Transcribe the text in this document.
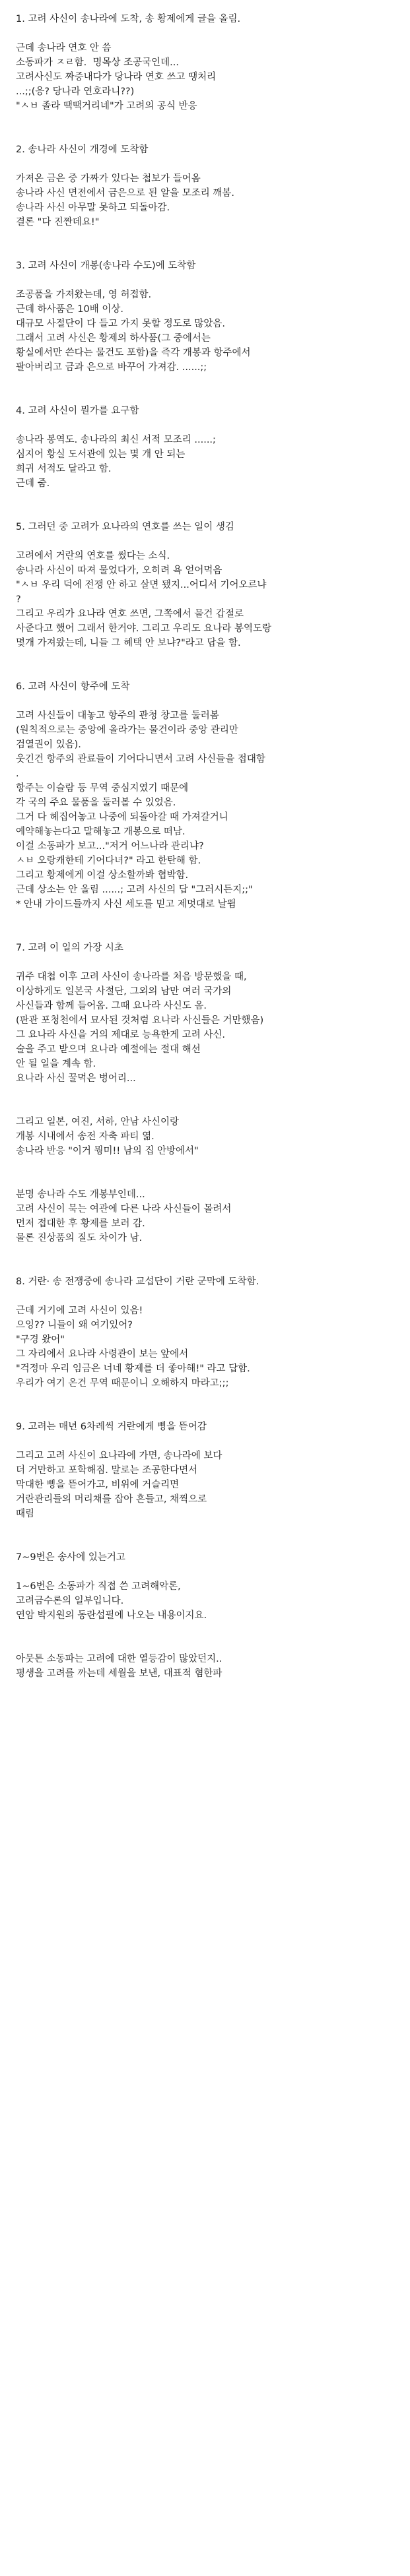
1. 고려 사신이 송나라에 도착, 송 황제에게 글을 올림.
근데 송나라 연호 안 씀
소동파가 ㅈㄹ함.  명목상 조공국인데...
고려사신도 짜증내다가 당나라 연호 쓰고 땡처리
...;;(응? 당나라 연호라니??)
"ㅅㅂ 졸라 땍땍거리네"가 고려의 공식 반응
2. 송나라 사신이 개경에 도착함
가져온 금은 중 가짜가 있다는 첩보가 들어옴
송나라 사신 면전에서 금은으로 된 알을 모조리 깨봄.
송나라 사신 아무말 못하고 되돌아감.
결론 "다 진짠데요!"
3. 고려 사신이 개봉(송나라 수도)에 도착함
조공품을 가져왔는데, 영 허접함.
근데 하사품은 10배 이상.
대규모 사절단이 다 들고 가지 못할 정도로 많았음.
그래서 고려 사신은 황제의 하사품(그 중에서는
황실에서만 쓴다는 물건도 포함)을 즉각 개봉과 항주에서
팔아버리고 금과 은으로 바꾸어 가져감. ......;;
4. 고려 사신이 뭔가를 요구함
송나라 봉역도. 송나라의 최신 서적 모조리 ......;
심지어 황실 도서관에 있는 몇 개 안 되는
희귀 서적도 달라고 함.
근데 줌.
5. 그러던 중 고려가 요나라의 연호를 쓰는 일이 생김
고려에서 거란의 연호를 썼다는 소식.
송나라 사신이 따져 물었다가, 오히려 욕 얻어먹음
"ㅅㅂ 우리 덕에 전쟁 안 하고 살면 됐지...어디서 기어오르냐
?
그리고 우리가 요나라 연호 쓰면, 그쪽에서 물건 갑절로
사준다고 했어 그래서 한거야. 그리고 우리도 요나라 봉역도랑
몇개 가져왔는데, 니들 그 혜택 안 보냐?"라고 답을 함.
6. 고려 사신이 항주에 도착
고려 사신들이 대놓고 항주의 관청 창고를 둘러봄
(원칙적으로는 중앙에 올라가는 물건이라 중앙 관리만
검열권이 있음).
웃긴건 항주의 관료들이 기어다니면서 고려 사신들을 접대함
.
항주는 이슬람 등 무역 중심지였기 때문에
각 국의 주요 물품을 둘러볼 수 있었음.
그거 다 헤집어놓고 나중에 되돌아갈 때 가져갈거니
예약해놓는다고 말해놓고 개봉으로 떠남.
이걸 소동파가 보고..."저거 어느나라 관리냐?
ㅅㅂ 오랑캐한테 기어다녀?" 라고 한탄해 함.
그리고 황제에게 이걸 상소할까봐 협박함.
근데 상소는 안 올림 ......; 고려 사신의 답 "그러시든지;;"
* 안내 가이드들까지 사신 세도를 믿고 제멋대로 날뜀
7. 고려 이 일의 가장 시초
귀주 대첩 이후 고려 사신이 송나라를 처음 방문했을 때,
이상하게도 일본국 사절단, 그외의 남만 여러 국가의
사신들과 함께 들어옴. 그때 요나라 사신도 옴.
(판관 포청천에서 묘사된 것처럼 요나라 사신들은 거만했음)
그 요나라 사신을 거의 제대로 능욕한게 고려 사신.
술을 주고 받으며 요나라 예절에는 절대 해선
안 될 일을 계속 함.
요나라 사신 꿀먹은 벙어리...
그리고 일본, 여진, 서하, 안남 사신이랑
개봉 시내에서 송전 자축 파티 엶.
송나라 반응 "이거 뭥미!! 남의 집 안방에서"
분명 송나라 수도 개봉부인데...
고려 사신이 묵는 여관에 다른 나라 사신들이 몰려서
먼저 접대한 후 황제를 보러 감.
물론 진상품의 질도 차이가 남.
8. 거란· 송 전쟁중에 송나라 교섭단이 거란 군막에 도착함.
근데 거기에 고려 사신이 있음!
으잉?? 니들이 왜 여기있어?
"구경 왔어"
그 자리에서 요나라 사령관이 보는 앞에서
"걱정마 우리 임금은 너네 황제를 더 좋아해!" 라고 답함.
우리가 여기 온건 무역 때문이니 오해하지 마라고;;;
9. 고려는 매년 6차례씩 거란에게 삥을 뜯어감
그리고 고려 사신이 요나라에 가면, 송나라에 보다
더 거만하고 포학해짐. 말로는 조공한다면서
막대한 삥을 뜯어가고, 비위에 거슬리면
거란관리들의 머리채를 잡아 흔들고, 채찍으로
때림
7~9번은 송사에 있는거고
1~6번은 소동파가 직접 쓴 고려해악론,
고려금수론의 일부입니다.
연암 박지원의 동란섭필에 나오는 내용이지요.
아뭇튼 소동파는 고려에 대한 열등감이 많았던지..
평생을 고려를 까는데 세월을 보낸, 대표적 혐한파
